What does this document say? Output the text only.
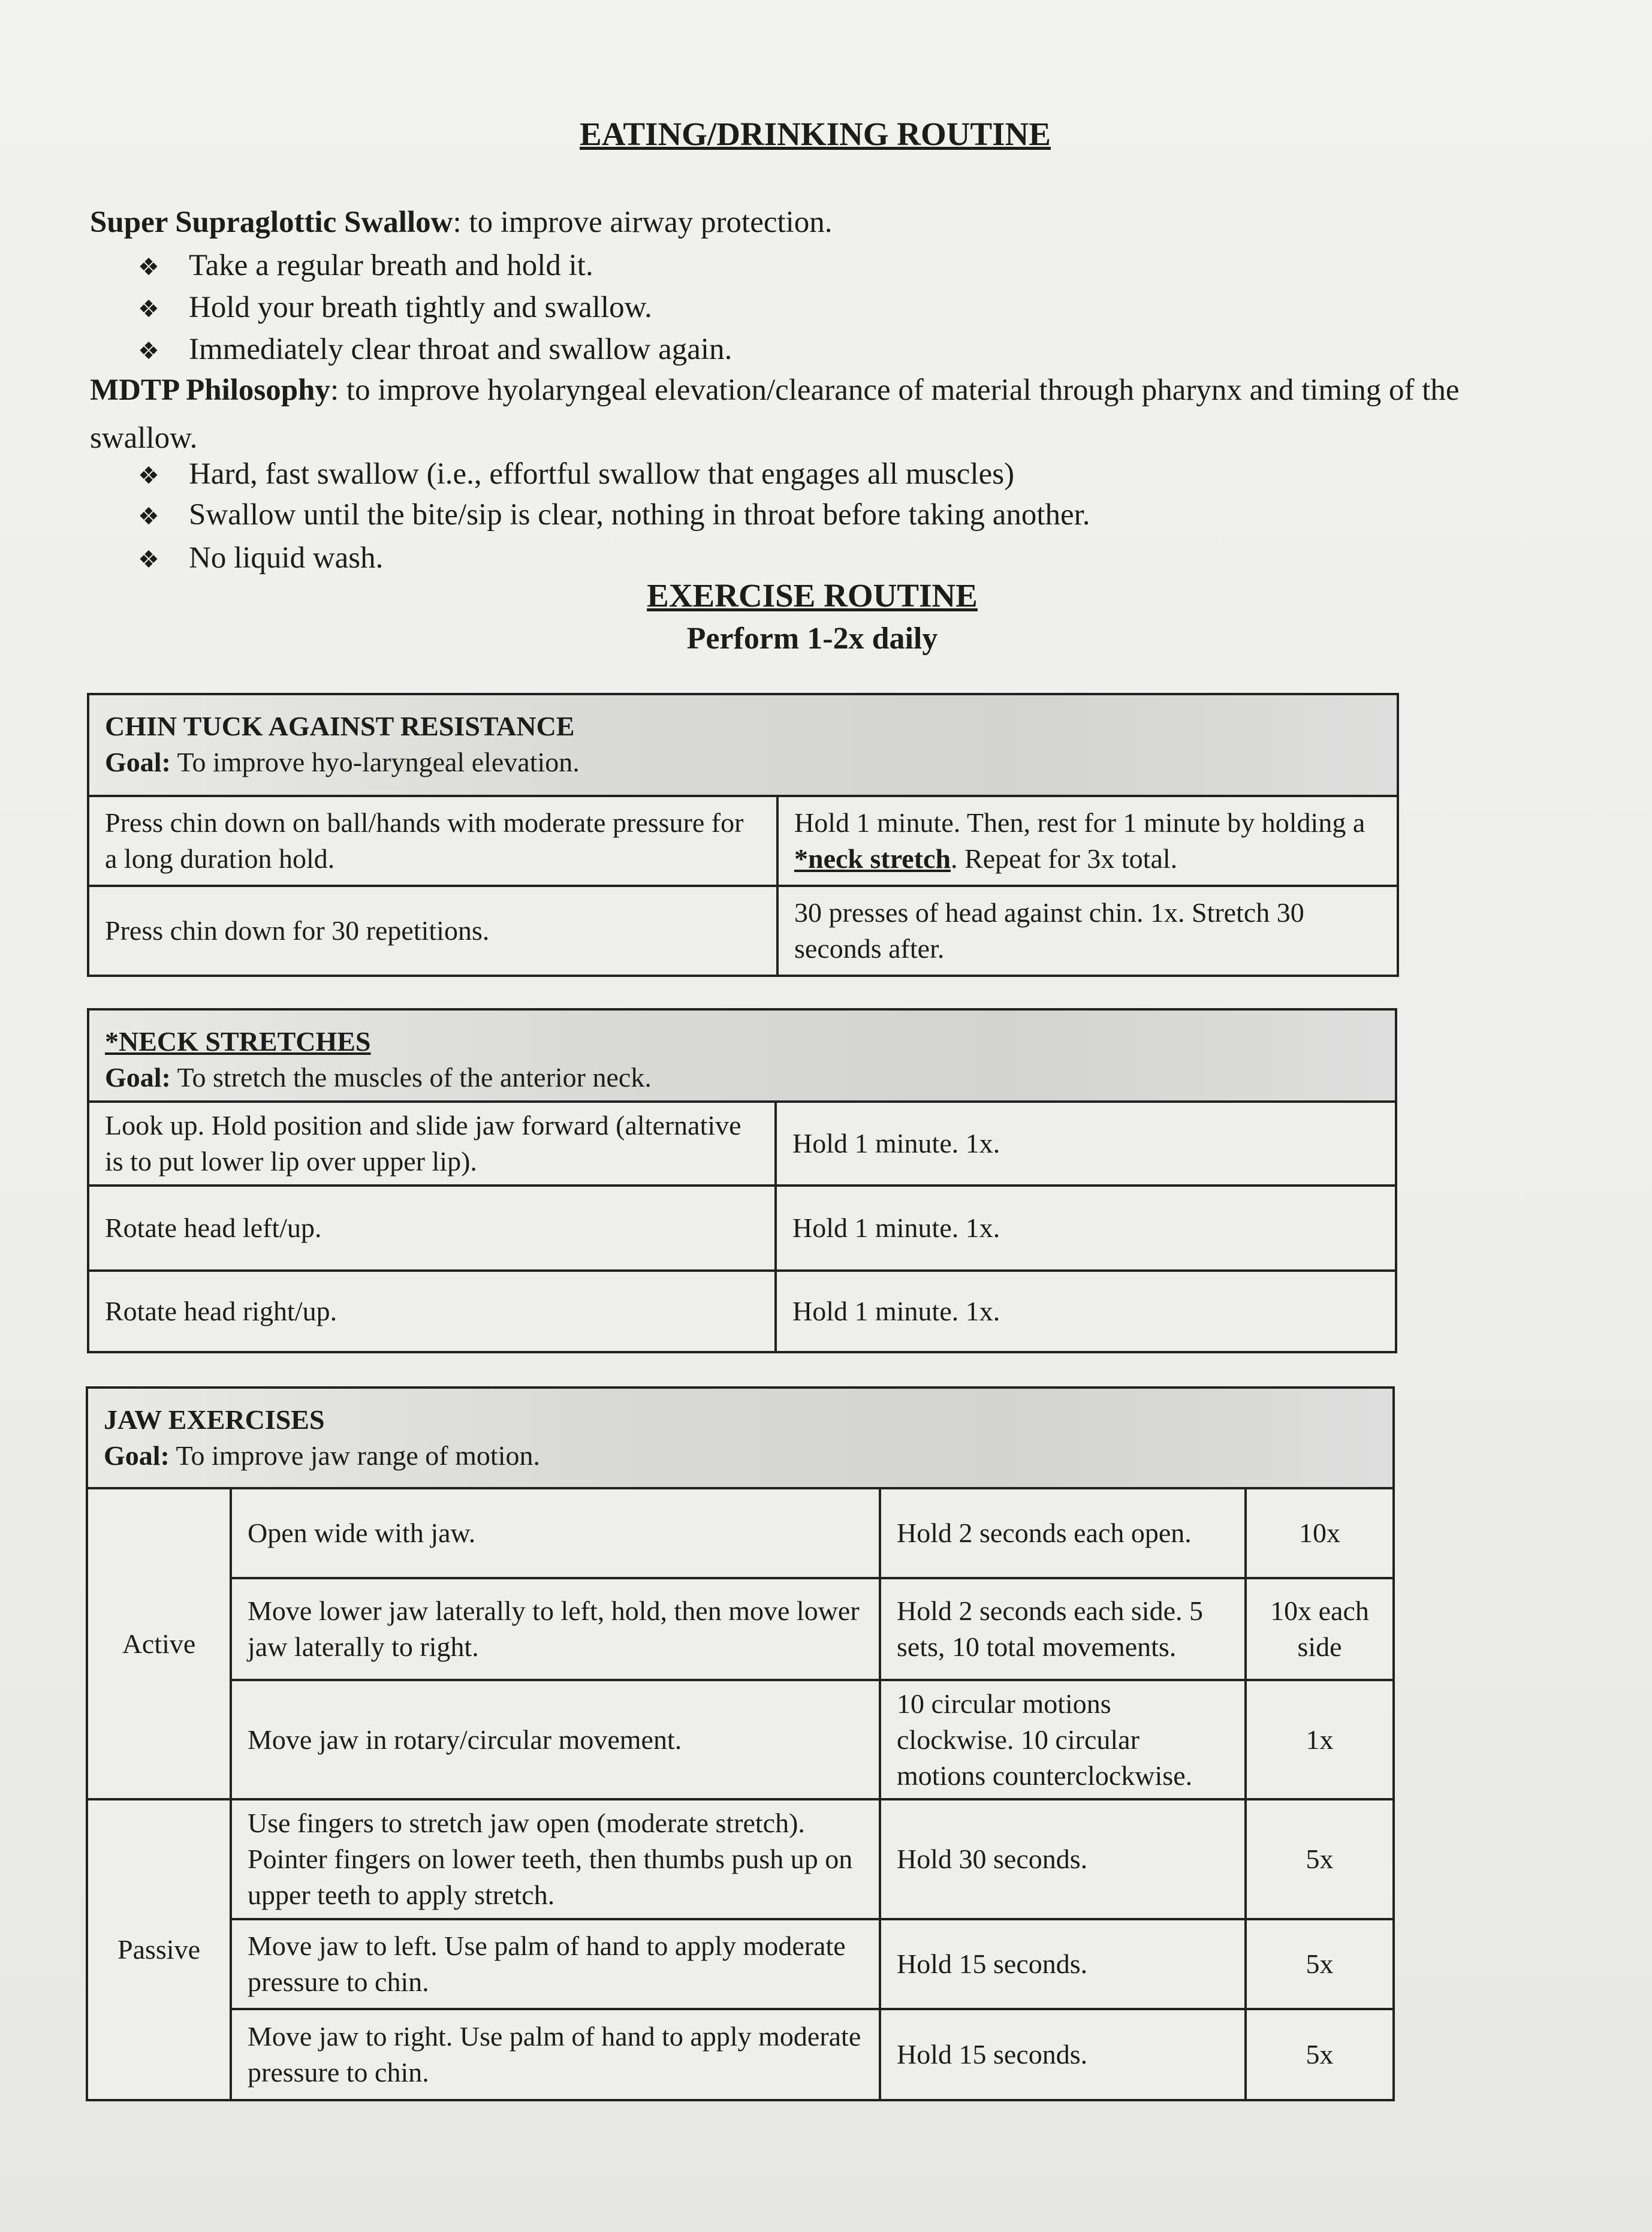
EATING/DRINKING ROUTINE
Super Supraglottic Swallow: to improve airway protection.
❖ Take a regular breath and hold it.
❖ Hold your breath tightly and swallow.
❖ Immediately clear throat and swallow again.
MDTP Philosophy: to improve hyolaryngeal elevation/clearance of material through pharynx and timing of the
swallow.
❖ Hard, fast swallow (i.e., effortful swallow that engages all muscles)
❖ Swallow until the bite/sip is clear, nothing in throat before taking another.
❖ No liquid wash.
EXERCISE ROUTINE
Perform 1-2x daily
CHIN TUCK AGAINST RESISTANCE
Goal: To improve hyo-laryngeal elevation.	
Press chin down on ball/hands with moderate pressure for a long duration hold.	Hold 1 minute. Then, rest for 1 minute by holding a *neck stretch. Repeat for 3x total.
Press chin down for 30 repetitions.	30 presses of head against chin. 1x. Stretch 30 seconds after.
*NECK STRETCHES
Goal: To stretch the muscles of the anterior neck.	
Look up. Hold position and slide jaw forward (alternative is to put lower lip over upper lip).	Hold 1 minute. 1x.
Rotate head left/up.	Hold 1 minute. 1x.
Rotate head right/up.	Hold 1 minute. 1x.
JAW EXERCISES
Goal: To improve jaw range of motion.			
Active	Open wide with jaw.	Hold 2 seconds each open.	10x
	Move lower jaw laterally to left, hold, then move lower jaw laterally to right.	Hold 2 seconds each side. 5 sets, 10 total movements.	10x each side
	Move jaw in rotary/circular movement.	10 circular motions clockwise. 10 circular motions counterclockwise.	1x
Passive	Use fingers to stretch jaw open (moderate stretch). Pointer fingers on lower teeth, then thumbs push up on upper teeth to apply stretch.	Hold 30 seconds.	5x
	Move jaw to left. Use palm of hand to apply moderate pressure to chin.	Hold 15 seconds.	5x
	Move jaw to right. Use palm of hand to apply moderate pressure to chin.	Hold 15 seconds.	5x
